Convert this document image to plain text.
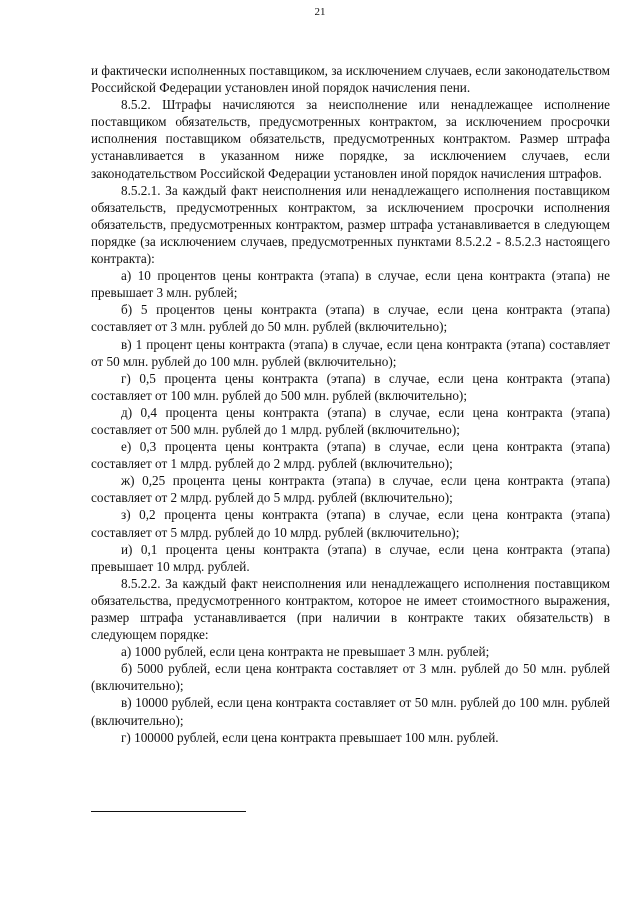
21

и фактически исполненных поставщиком, за исключением случаев, если законодательством Российской Федерации установлен иной порядок начисления пени.

8.5.2. Штрафы начисляются за неисполнение или ненадлежащее исполнение поставщиком обязательств, предусмотренных контрактом, за исключением просрочки исполнения поставщиком обязательств, предусмотренных контрактом. Размер штрафа устанавливается в указанном ниже порядке, за исключением случаев, если законодательством Российской Федерации установлен иной порядок начисления штрафов.

8.5.2.1. За каждый факт неисполнения или ненадлежащего исполнения поставщиком обязательств, предусмотренных контрактом, за исключением просрочки исполнения обязательств, предусмотренных контрактом, размер штрафа устанавливается в следующем порядке (за исключением случаев, предусмотренных пунктами 8.5.2.2 - 8.5.2.3 настоящего контракта):

а) 10 процентов цены контракта (этапа) в случае, если цена контракта (этапа) не превышает 3 млн. рублей;

б) 5 процентов цены контракта (этапа) в случае, если цена контракта (этапа) составляет от 3 млн. рублей до 50 млн. рублей (включительно);

в) 1 процент цены контракта (этапа) в случае, если цена контракта (этапа) составляет от 50 млн. рублей до 100 млн. рублей (включительно);

г) 0,5 процента цены контракта (этапа) в случае, если цена контракта (этапа) составляет от 100 млн. рублей до 500 млн. рублей (включительно);

д) 0,4 процента цены контракта (этапа) в случае, если цена контракта (этапа) составляет от 500 млн. рублей до 1 млрд. рублей (включительно);

е) 0,3 процента цены контракта (этапа) в случае, если цена контракта (этапа) составляет от 1 млрд. рублей до 2 млрд. рублей (включительно);

ж) 0,25 процента цены контракта (этапа) в случае, если цена контракта (этапа) составляет от 2 млрд. рублей до 5 млрд. рублей (включительно);

з) 0,2 процента цены контракта (этапа) в случае, если цена контракта (этапа) составляет от 5 млрд. рублей до 10 млрд. рублей (включительно);

и) 0,1 процента цены контракта (этапа) в случае, если цена контракта (этапа) превышает 10 млрд. рублей.

8.5.2.2. За каждый факт неисполнения или ненадлежащего исполнения поставщиком обязательства, предусмотренного контрактом, которое не имеет стоимостного выражения, размер штрафа устанавливается (при наличии в контракте таких обязательств) в следующем порядке:

а) 1000 рублей, если цена контракта не превышает 3 млн. рублей;

б) 5000 рублей, если цена контракта составляет от 3 млн. рублей до 50 млн. рублей (включительно);

в) 10000 рублей, если цена контракта составляет от 50 млн. рублей до 100 млн. рублей (включительно);

г) 100000 рублей, если цена контракта превышает 100 млн. рублей.
